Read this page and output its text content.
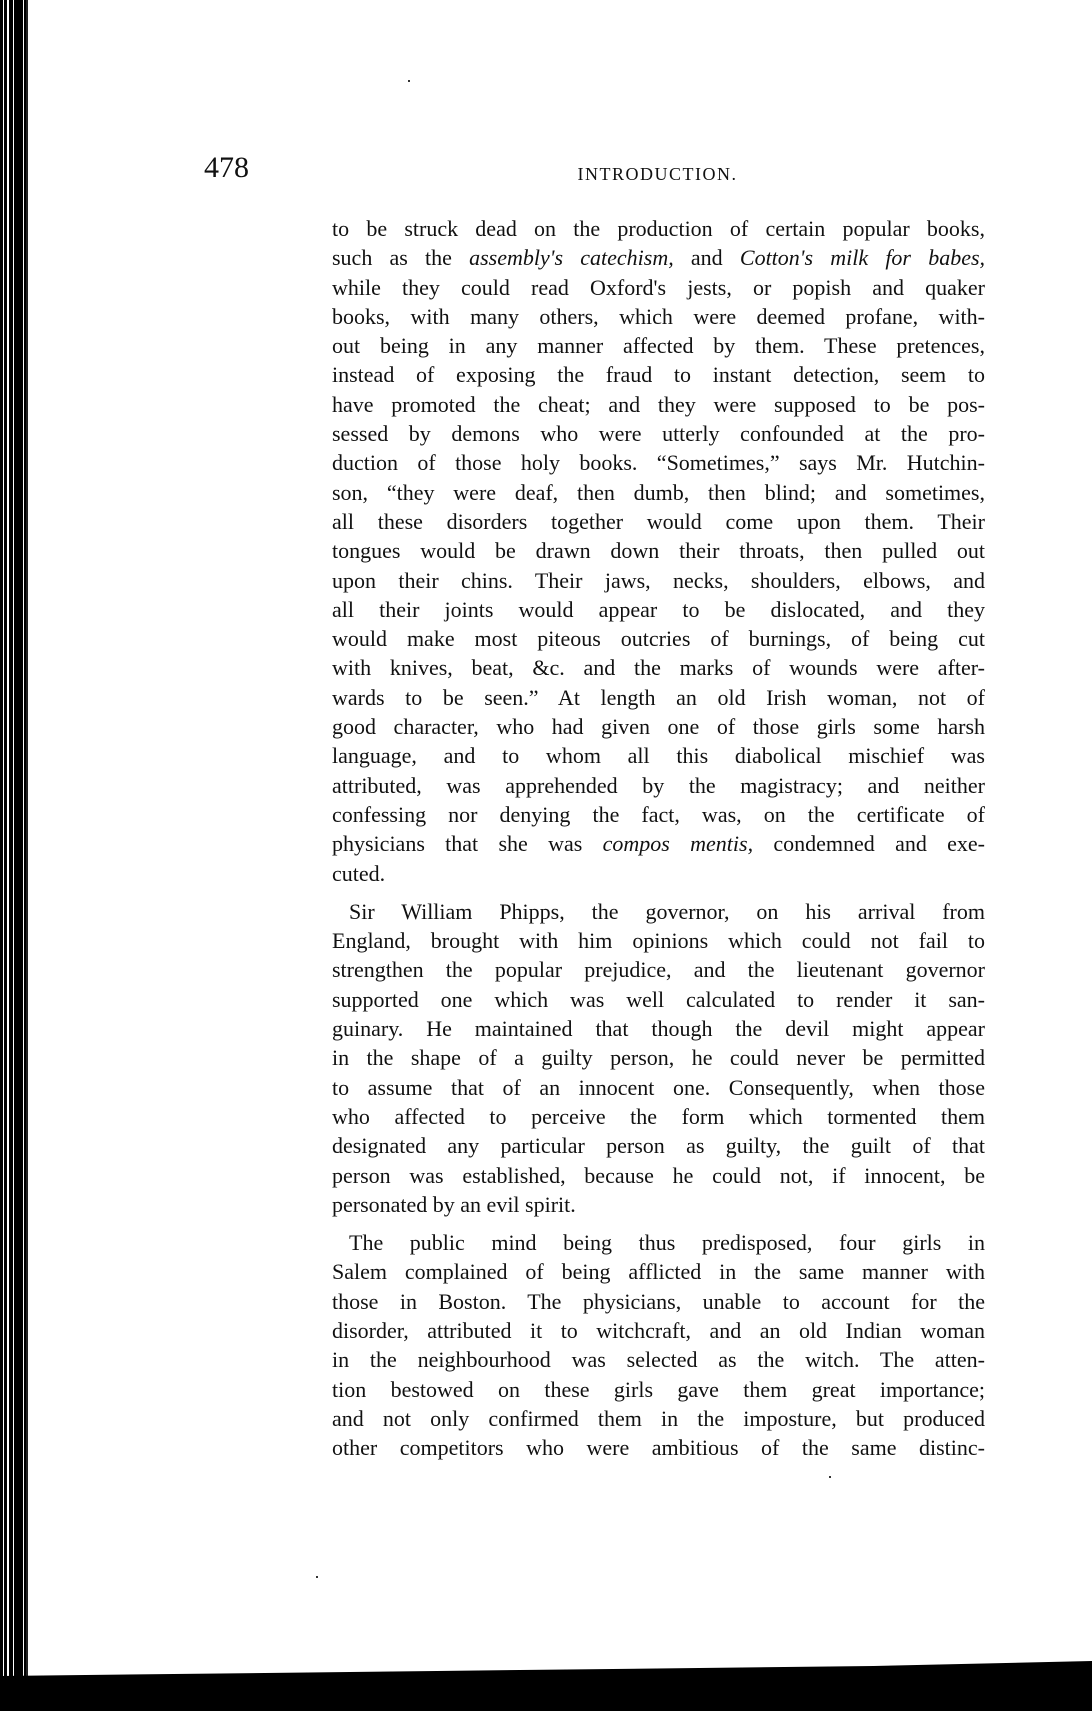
478	INTRODUCTION.
to be struck dead on the production of certain popular books,
such as the assembly's catechism, and Cotton's milk for babes,
while they could read Oxford's jests, or popish and quaker
books, with many others, which were deemed profane, with-
out being in any manner affected by them. These pretences,
instead of exposing the fraud to instant detection, seem to
have promoted the cheat; and they were supposed to be pos-
sessed by demons who were utterly confounded at the pro-
duction of those holy books. “Sometimes,” says Mr. Hutchin-
son, “they were deaf, then dumb, then blind; and sometimes,
all these disorders together would come upon them. Their
tongues would be drawn down their throats, then pulled out
upon their chins. Their jaws, necks, shoulders, elbows, and
all their joints would appear to be dislocated, and they
would make most piteous outcries of burnings, of being cut
with knives, beat, &c. and the marks of wounds were after-
wards to be seen.” At length an old Irish woman, not of
good character, who had given one of those girls some harsh
language, and to whom all this diabolical mischief was
attributed, was apprehended by the magistracy; and neither
confessing nor denying the fact, was, on the certificate of
physicians that she was compos mentis, condemned and exe-
cuted.
Sir William Phipps, the governor, on his arrival from
England, brought with him opinions which could not fail to
strengthen the popular prejudice, and the lieutenant governor
supported one which was well calculated to render it san-
guinary. He maintained that though the devil might appear
in the shape of a guilty person, he could never be permitted
to assume that of an innocent one. Consequently, when those
who affected to perceive the form which tormented them
designated any particular person as guilty, the guilt of that
person was established, because he could not, if innocent, be
personated by an evil spirit.
The public mind being thus predisposed, four girls in
Salem complained of being afflicted in the same manner with
those in Boston. The physicians, unable to account for the
disorder, attributed it to witchcraft, and an old Indian woman
in the neighbourhood was selected as the witch. The atten-
tion bestowed on these girls gave them great importance;
and not only confirmed them in the imposture, but produced
other competitors who were ambitious of the same distinc-
